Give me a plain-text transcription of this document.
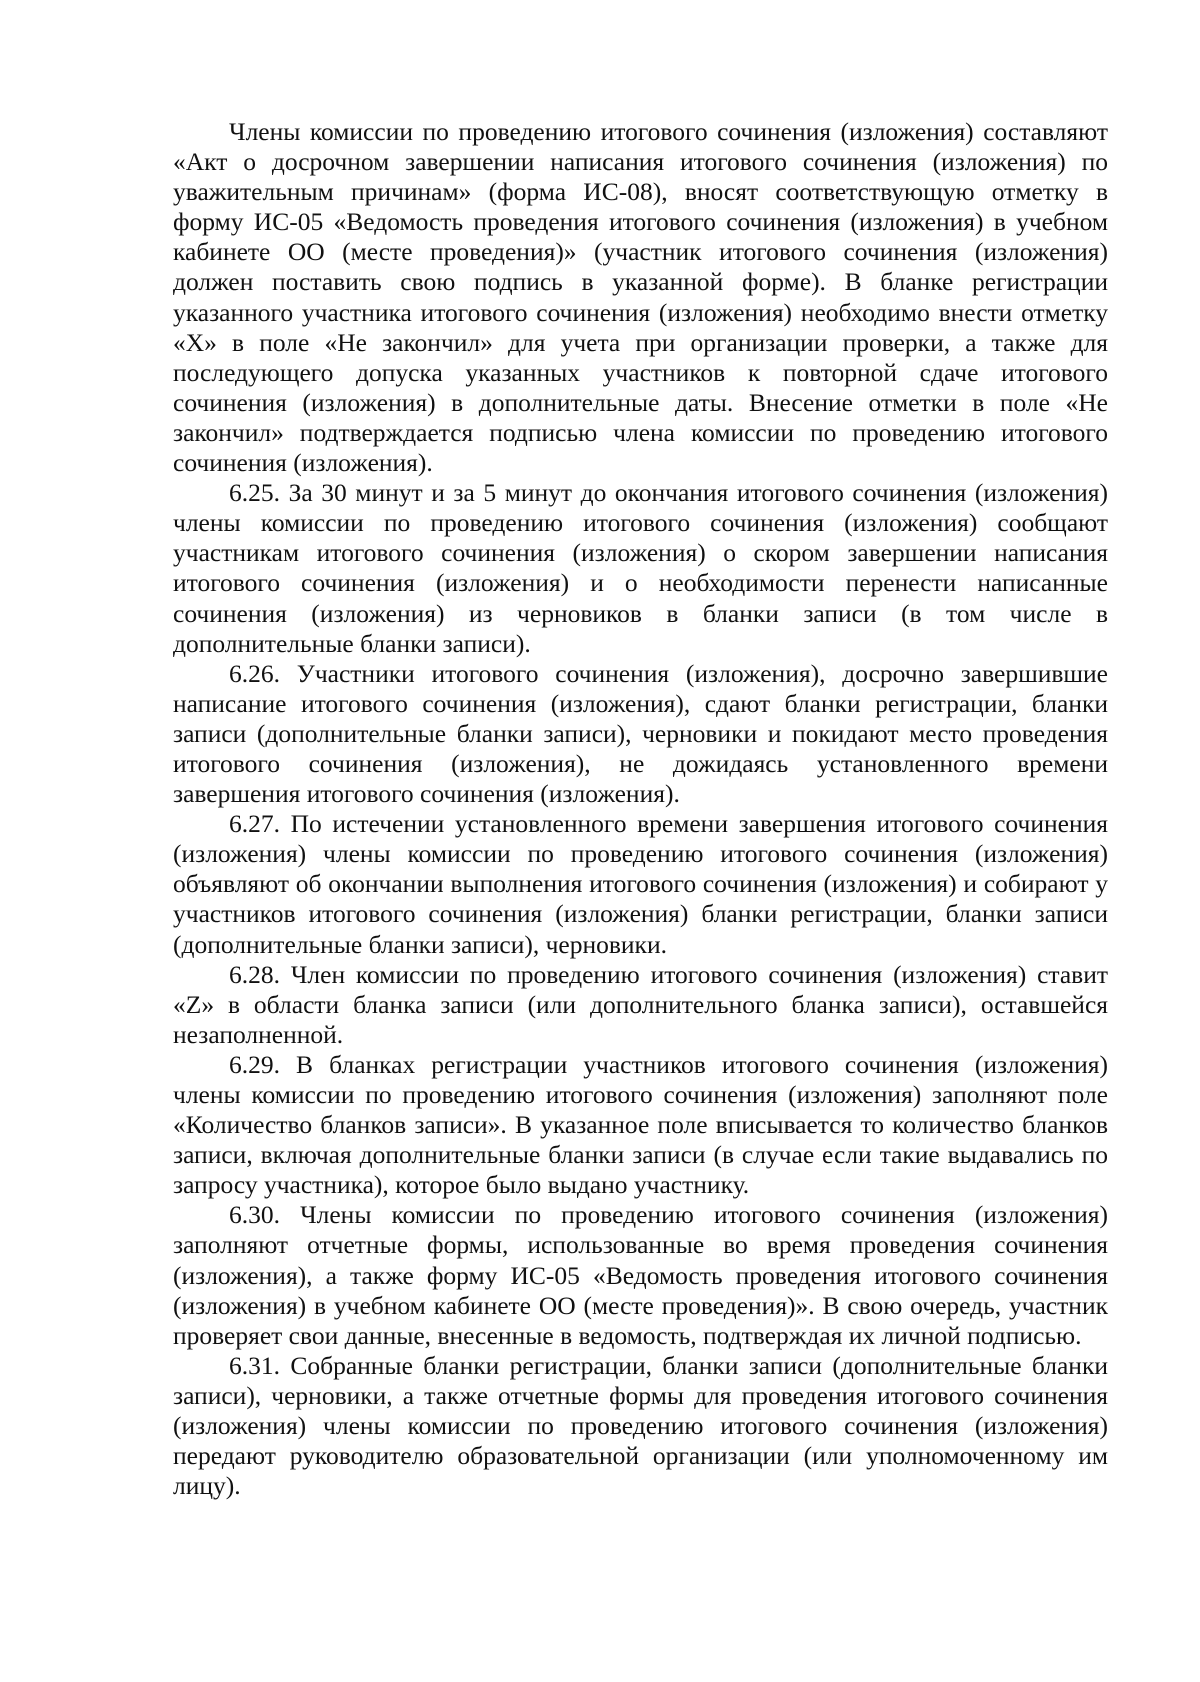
Члены комиссии по проведению итогового сочинения (изложения) составляют «Акт о досрочном завершении написания итогового сочинения (изложения) по уважительным причинам» (форма ИС-08), вносят соответствующую отметку в форму ИС-05 «Ведомость проведения итогового сочинения (изложения) в учебном кабинете ОО (месте проведения)» (участник итогового сочинения (изложения) должен поставить свою подпись в указанной форме). В бланке регистрации указанного участника итогового сочинения (изложения) необходимо внести отметку «X» в поле «Не закончил» для учета при организации проверки, а также для последующего допуска указанных участников к повторной сдаче итогового сочинения (изложения) в дополнительные даты. Внесение отметки в поле «Не закончил» подтверждается подписью члена комиссии по проведению итогового сочинения (изложения).

6.25. За 30 минут и за 5 минут до окончания итогового сочинения (изложения) члены комиссии по проведению итогового сочинения (изложения) сообщают участникам итогового сочинения (изложения) о скором завершении написания итогового сочинения (изложения) и о необходимости перенести написанные сочинения (изложения) из черновиков в бланки записи (в том числе в дополнительные бланки записи).

6.26. Участники итогового сочинения (изложения), досрочно завершившие написание итогового сочинения (изложения), сдают бланки регистрации, бланки записи (дополнительные бланки записи), черновики и покидают место проведения итогового сочинения (изложения), не дожидаясь установленного времени завершения итогового сочинения (изложения).

6.27. По истечении установленного времени завершения итогового сочинения (изложения) члены комиссии по проведению итогового сочинения (изложения) объявляют об окончании выполнения итогового сочинения (изложения) и собирают у участников итогового сочинения (изложения) бланки регистрации, бланки записи (дополнительные бланки записи), черновики.

6.28. Член комиссии по проведению итогового сочинения (изложения) ставит «Z» в области бланка записи (или дополнительного бланка записи), оставшейся незаполненной.

6.29. В бланках регистрации участников итогового сочинения (изложения) члены комиссии по проведению итогового сочинения (изложения) заполняют поле «Количество бланков записи». В указанное поле вписывается то количество бланков записи, включая дополнительные бланки записи (в случае если такие выдавались по запросу участника), которое было выдано участнику.

6.30. Члены комиссии по проведению итогового сочинения (изложения) заполняют отчетные формы, использованные во время проведения сочинения (изложения), а также форму ИС-05 «Ведомость проведения итогового сочинения (изложения) в учебном кабинете ОО (месте проведения)». В свою очередь, участник проверяет свои данные, внесенные в ведомость, подтверждая их личной подписью.

6.31. Собранные бланки регистрации, бланки записи (дополнительные бланки записи), черновики, а также отчетные формы для проведения итогового сочинения (изложения) члены комиссии по проведению итогового сочинения (изложения) передают руководителю образовательной организации (или уполномоченному им лицу).
